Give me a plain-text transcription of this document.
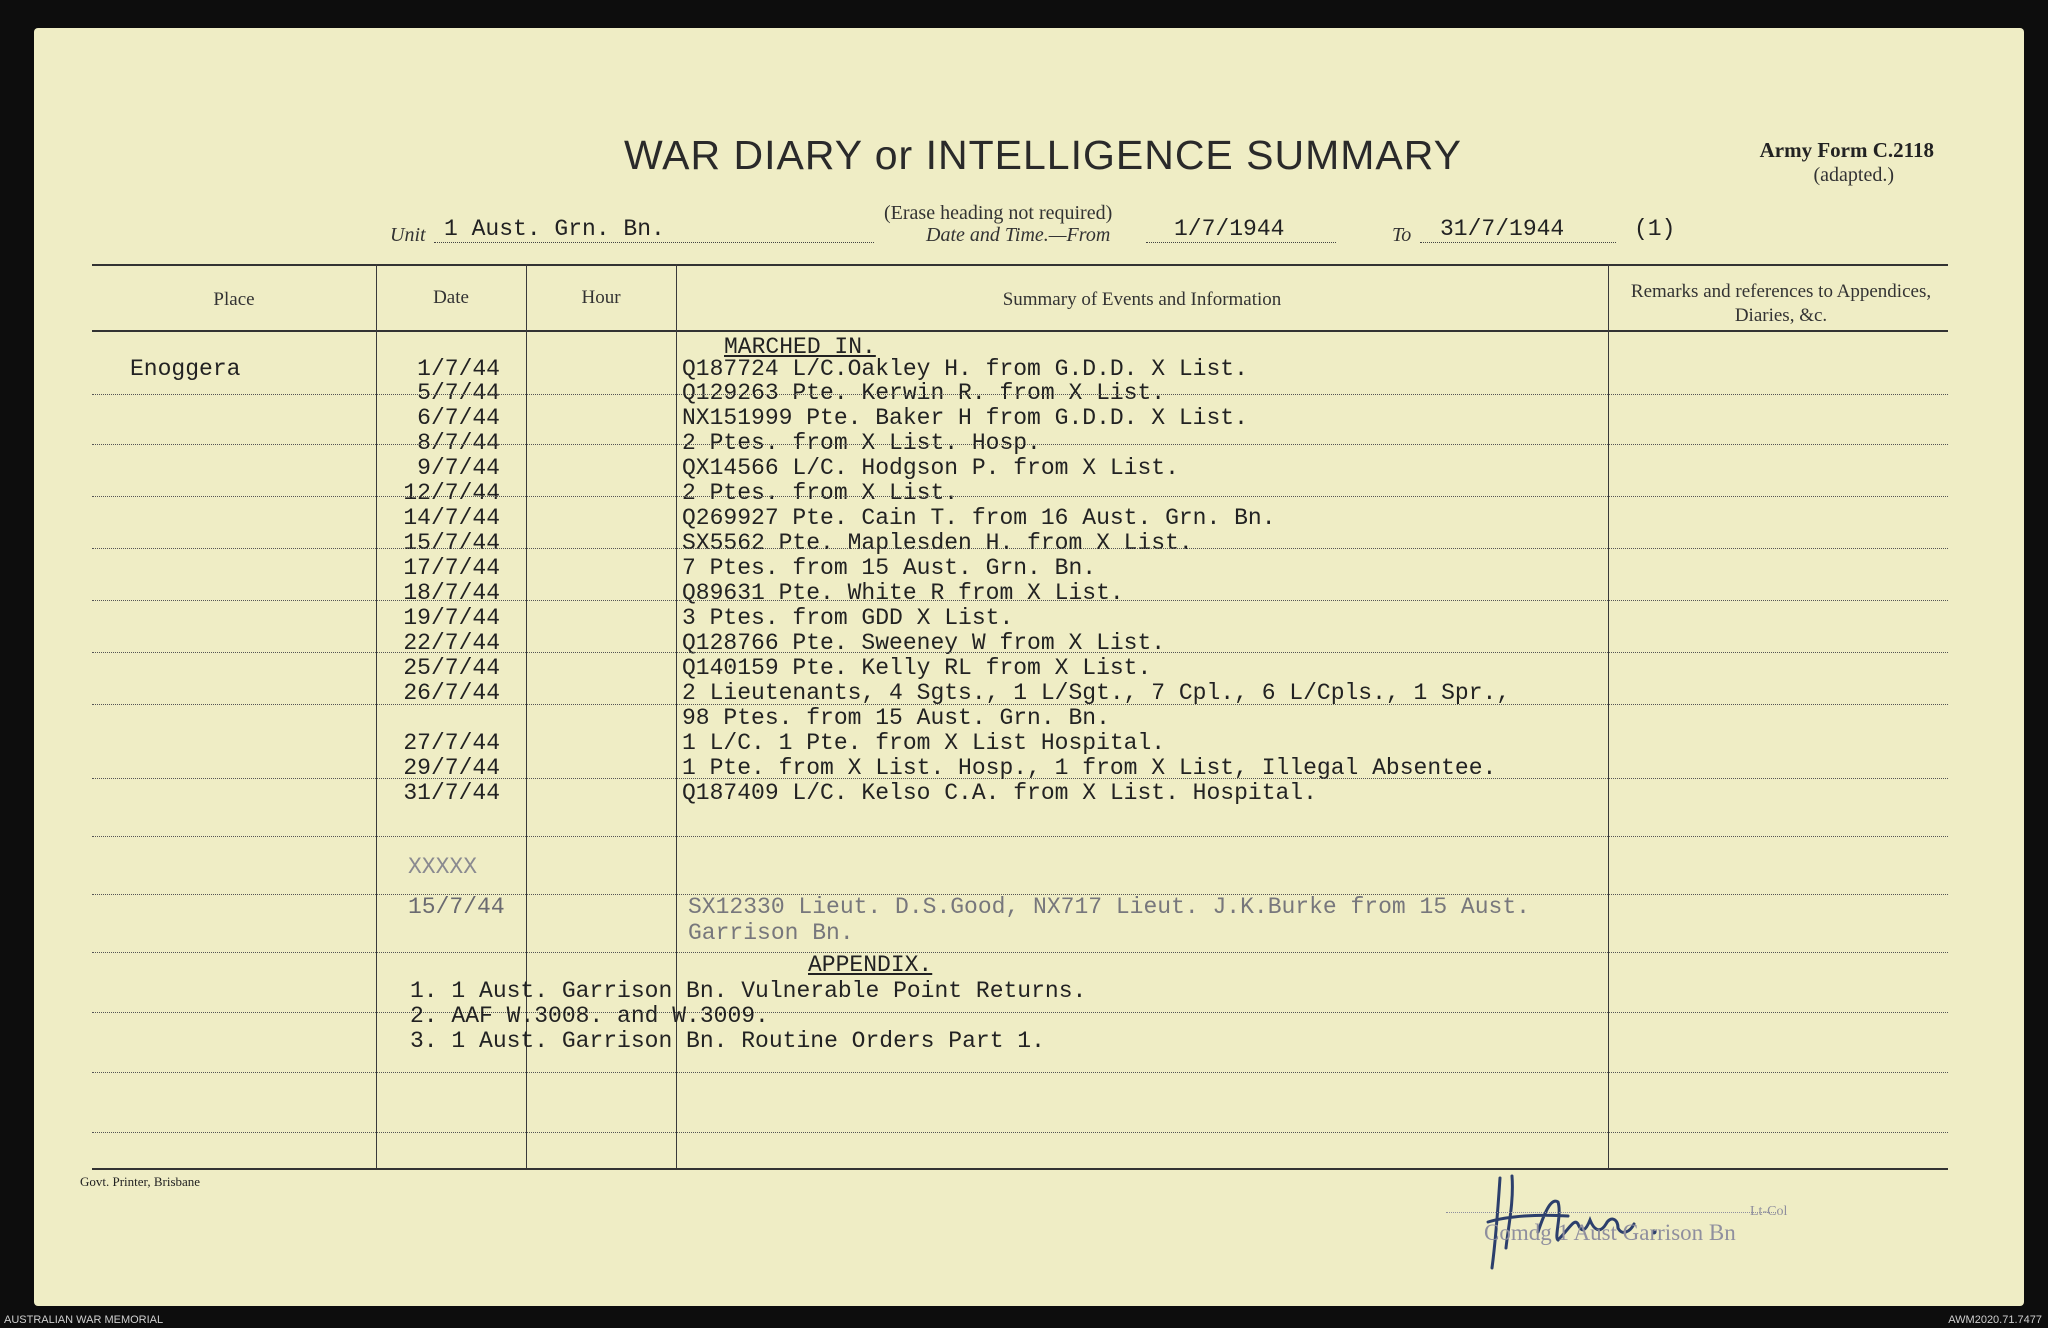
WAR DIARY or INTELLIGENCE SUMMARY
(Erase heading not required)
Army Form C.2118
(adapted.)
Unit 1 Aust. Grn. Bn.	Date and Time.—From	1/7/1944	To 31/7/1944	(1)
Place	Date	Hour	Summary of Events and Information	Remarks and references to Appendices, Diaries, &c.
MARCHED IN.
Enoggera	1/7/44	Q187724 L/C.Oakley H. from G.D.D. X List.
5/7/44	Q129263 Pte. Kerwin R. from X List.
6/7/44	NX151999 Pte. Baker H from G.D.D. X List.
8/7/44	2 Ptes. from X List. Hosp.
9/7/44	QX14566 L/C. Hodgson P. from X List.
12/7/44	2 Ptes. from X List.
14/7/44	Q269927 Pte. Cain T. from 16 Aust. Grn. Bn.
15/7/44	SX5562 Pte. Maplesden H. from X List.
17/7/44	7 Ptes. from 15 Aust. Grn. Bn.
18/7/44	Q89631 Pte. White R from X List.
19/7/44	3 Ptes. from GDD X List.
22/7/44	Q128766 Pte. Sweeney W from X List.
25/7/44	Q140159 Pte. Kelly RL from X List.
26/7/44	2 Lieutenants, 4 Sgts., 1 L/Sgt., 7 Cpl., 6 L/Cpls., 1 Spr.,
98 Ptes. from 15 Aust. Grn. Bn.
27/7/44	1 L/C. 1 Pte. from X List Hospital.
29/7/44	1 Pte. from X List. Hosp., 1 from X List, Illegal Absentee.
31/7/44	Q187409 L/C. Kelso C.A. from X List. Hospital.
XXXXX
15/7/44	SX12330 Lieut. D.S.Good, NX717 Lieut. J.K.Burke from 15 Aust.
Garrison Bn.
APPENDIX.
1. 1 Aust. Garrison Bn. Vulnerable Point Returns.
2. AAF W.3008. and W.3009.
3. 1 Aust. Garrison Bn. Routine Orders Part 1.
Govt. Printer, Brisbane
Lt-Col
Comdg 1 Aust Garrison Bn
AUSTRALIAN WAR MEMORIAL	AWM2020.71.7477
